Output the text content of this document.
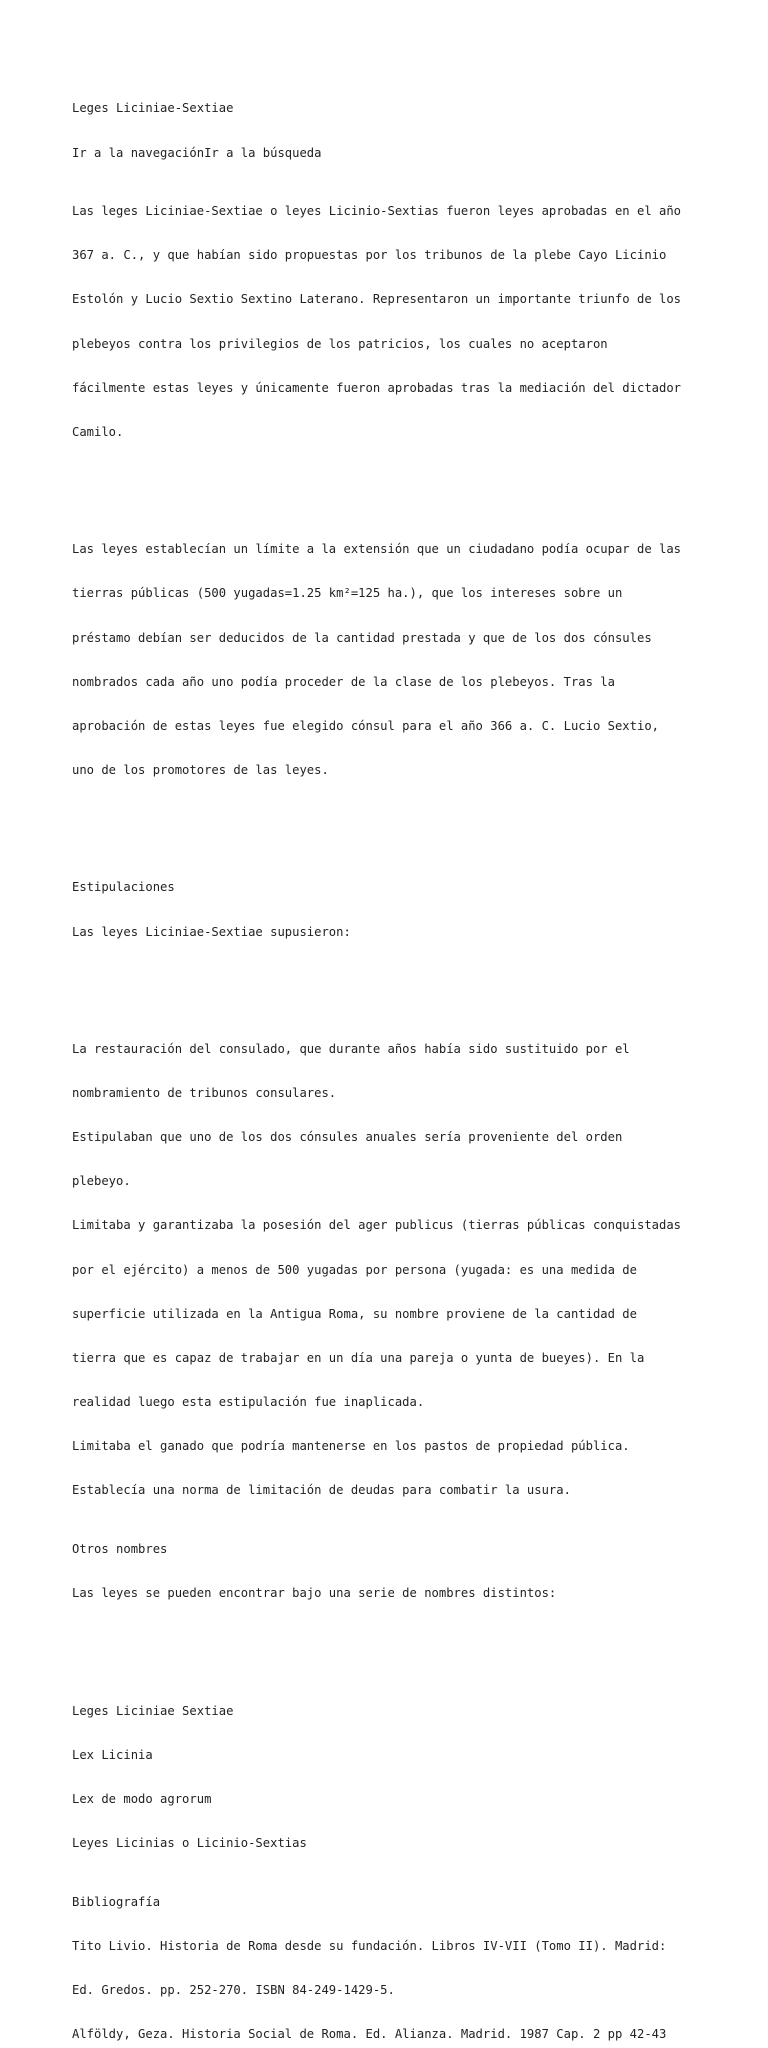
Leges Liciniae-Sextiae

Ir a la navegaciónIr a la búsqueda

Las leges Liciniae-Sextiae o leyes Licinio-Sextias fueron leyes aprobadas en el año

367 a. C., y que habían sido propuestas por los tribunos de la plebe Cayo Licinio

Estolón y Lucio Sextio Sextino Laterano. Representaron un importante triunfo de los

plebeyos contra los privilegios de los patricios, los cuales no aceptaron

fácilmente estas leyes y únicamente fueron aprobadas tras la mediación del dictador

Camilo.

Las leyes establecían un límite a la extensión que un ciudadano podía ocupar de las

tierras públicas (500 yugadas=1.25 km²=125 ha.), que los intereses sobre un

préstamo debían ser deducidos de la cantidad prestada y que de los dos cónsules

nombrados cada año uno podía proceder de la clase de los plebeyos. Tras la

aprobación de estas leyes fue elegido cónsul para el año 366 a. C. Lucio Sextio,

uno de los promotores de las leyes.

Estipulaciones

Las leyes Liciniae-Sextiae supusieron:

La restauración del consulado, que durante años había sido sustituido por el

nombramiento de tribunos consulares.

Estipulaban que uno de los dos cónsules anuales sería proveniente del orden

plebeyo.

Limitaba y garantizaba la posesión del ager publicus (tierras públicas conquistadas

por el ejército) a menos de 500 yugadas por persona (yugada: es una medida de

superficie utilizada en la Antigua Roma, su nombre proviene de la cantidad de

tierra que es capaz de trabajar en un día una pareja o yunta de bueyes). En la

realidad luego esta estipulación fue inaplicada.

Limitaba el ganado que podría mantenerse en los pastos de propiedad pública.

Establecía una norma de limitación de deudas para combatir la usura.

Otros nombres

Las leyes se pueden encontrar bajo una serie de nombres distintos:

Leges Liciniae Sextiae

Lex Licinia

Lex de modo agrorum

Leyes Licinias o Licinio-Sextias

Bibliografía

Tito Livio. Historia de Roma desde su fundación. Libros IV-VII (Tomo II). Madrid:

Ed. Gredos. pp. 252-270. ISBN 84-249-1429-5.

Alföldy, Geza. Historia Social de Roma. Ed. Alianza. Madrid. 1987 Cap. 2 pp 42-43
